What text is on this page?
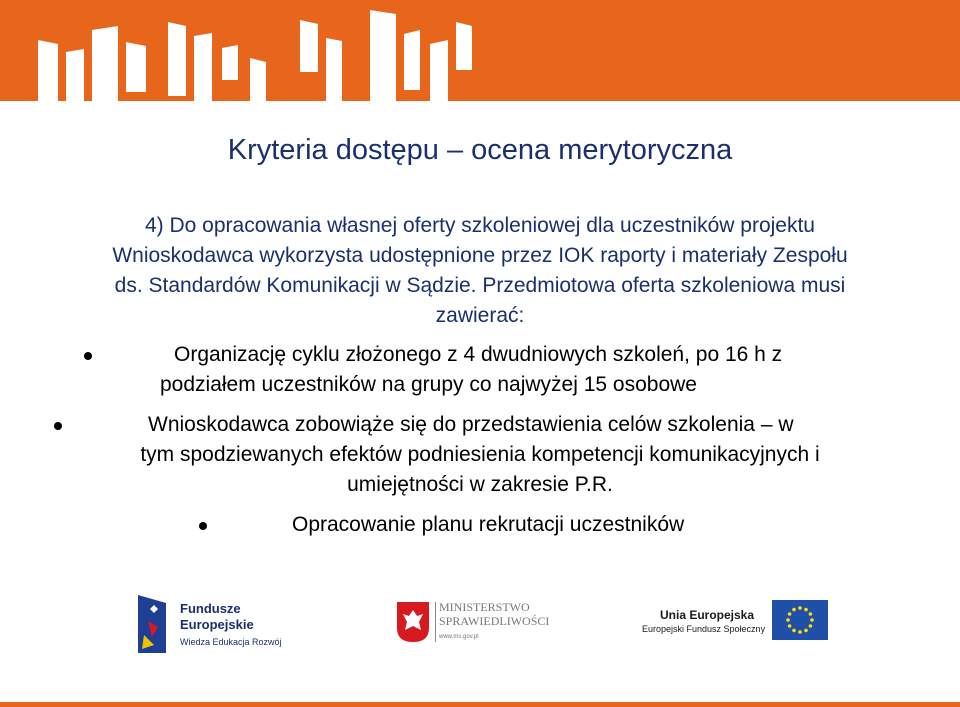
Kryteria dostępu – ocena merytoryczna
4) Do opracowania własnej oferty szkoleniowej dla uczestników projektu
Wnioskodawca wykorzystа udostępnione przez IOK raporty i materiały Zespołu
ds. Standardów Komunikacji w Sądzie. Przedmiotowa oferta szkoleniowa musi
zawierać:
Organizację cyklu złożonego z 4 dwudniowych szkoleń, po 16 h z
podziałem uczestników na grupy co najwyżej 15 osobowe
Wnioskodawca zobowiąże się do przedstawienia celów szkolenia – w
tym spodziewanych efektów podniesienia kompetencji komunikacyjnych i
umiejętności w zakresie P.R.
Opracowanie planu rekrutacji uczestników
Fundusze
Europejskie
Wiedza Edukacja Rozwój
MINISTERSTWO
SPRAWIEDLIWOŚCI
www.ms.gov.pl
Unia Europejska
Europejski Fundusz Społeczny
